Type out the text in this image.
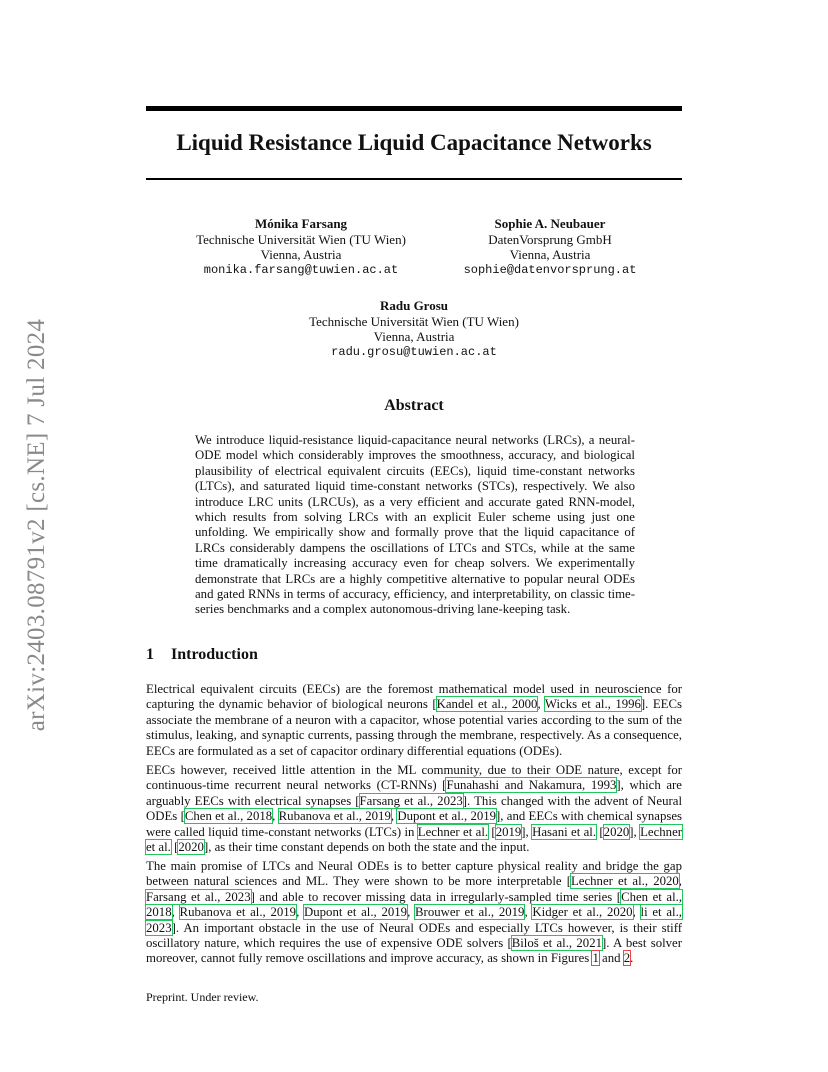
arXiv:2403.08791v2 [cs.NE] 7 Jul 2024
Liquid Resistance Liquid Capacitance Networks
Mónika Farsang
Technische Universität Wien (TU Wien)
Vienna, Austria
monika.farsang@tuwien.ac.at
Sophie A. Neubauer
DatenVorsprung GmbH
Vienna, Austria
sophie@datenvorsprung.at
Radu Grosu
Technische Universität Wien (TU Wien)
Vienna, Austria
radu.grosu@tuwien.ac.at
Abstract
We introduce liquid-resistance liquid-capacitance neural networks (LRCs), a neural-ODE model which considerably improves the smoothness, accuracy, and biological plausibility of electrical equivalent circuits (EECs), liquid time-constant networks (LTCs), and saturated liquid time-constant networks (STCs), respectively. We also introduce LRC units (LRCUs), as a very efficient and accurate gated RNN-model, which results from solving LRCs with an explicit Euler scheme using just one unfolding. We empirically show and formally prove that the liquid capacitance of LRCs considerably dampens the oscillations of LTCs and STCs, while at the same time dramatically increasing accuracy even for cheap solvers. We experimentally demonstrate that LRCs are a highly competitive alternative to popular neural ODEs and gated RNNs in terms of accuracy, efficiency, and interpretability, on classic time-series benchmarks and a complex autonomous-driving lane-keeping task.
1 Introduction

Electrical equivalent circuits (EECs) are the foremost mathematical model used in neuroscience for capturing the dynamic behavior of biological neurons [Kandel et al., 2000, Wicks et al., 1996]. EECs associate the membrane of a neuron with a capacitor, whose potential varies according to the sum of the stimulus, leaking, and synaptic currents, passing through the membrane, respectively. As a consequence, EECs are formulated as a set of capacitor ordinary differential equations (ODEs).

EECs however, received little attention in the ML community, due to their ODE nature, except for continuous-time recurrent neural networks (CT-RNNs) [Funahashi and Nakamura, 1993], which are arguably EECs with electrical synapses [Farsang et al., 2023]. This changed with the advent of Neural ODEs [Chen et al., 2018, Rubanova et al., 2019, Dupont et al., 2019], and EECs with chemical synapses were called liquid time-constant networks (LTCs) in Lechner et al. [2019], Hasani et al. [2020], Lechner et al. [2020], as their time constant depends on both the state and the input.

The main promise of LTCs and Neural ODEs is to better capture physical reality and bridge the gap between natural sciences and ML. They were shown to be more interpretable [Lechner et al., 2020, Farsang et al., 2023] and able to recover missing data in irregularly-sampled time series [Chen et al., 2018, Rubanova et al., 2019, Dupont et al., 2019, Brouwer et al., 2019, Kidger et al., 2020, li et al., 2023]. An important obstacle in the use of Neural ODEs and especially LTCs however, is their stiff oscillatory nature, which requires the use of expensive ODE solvers [Biloš et al., 2021]. A best solver moreover, cannot fully remove oscillations and improve accuracy, as shown in Figures 1 and 2.

Preprint. Under review.
